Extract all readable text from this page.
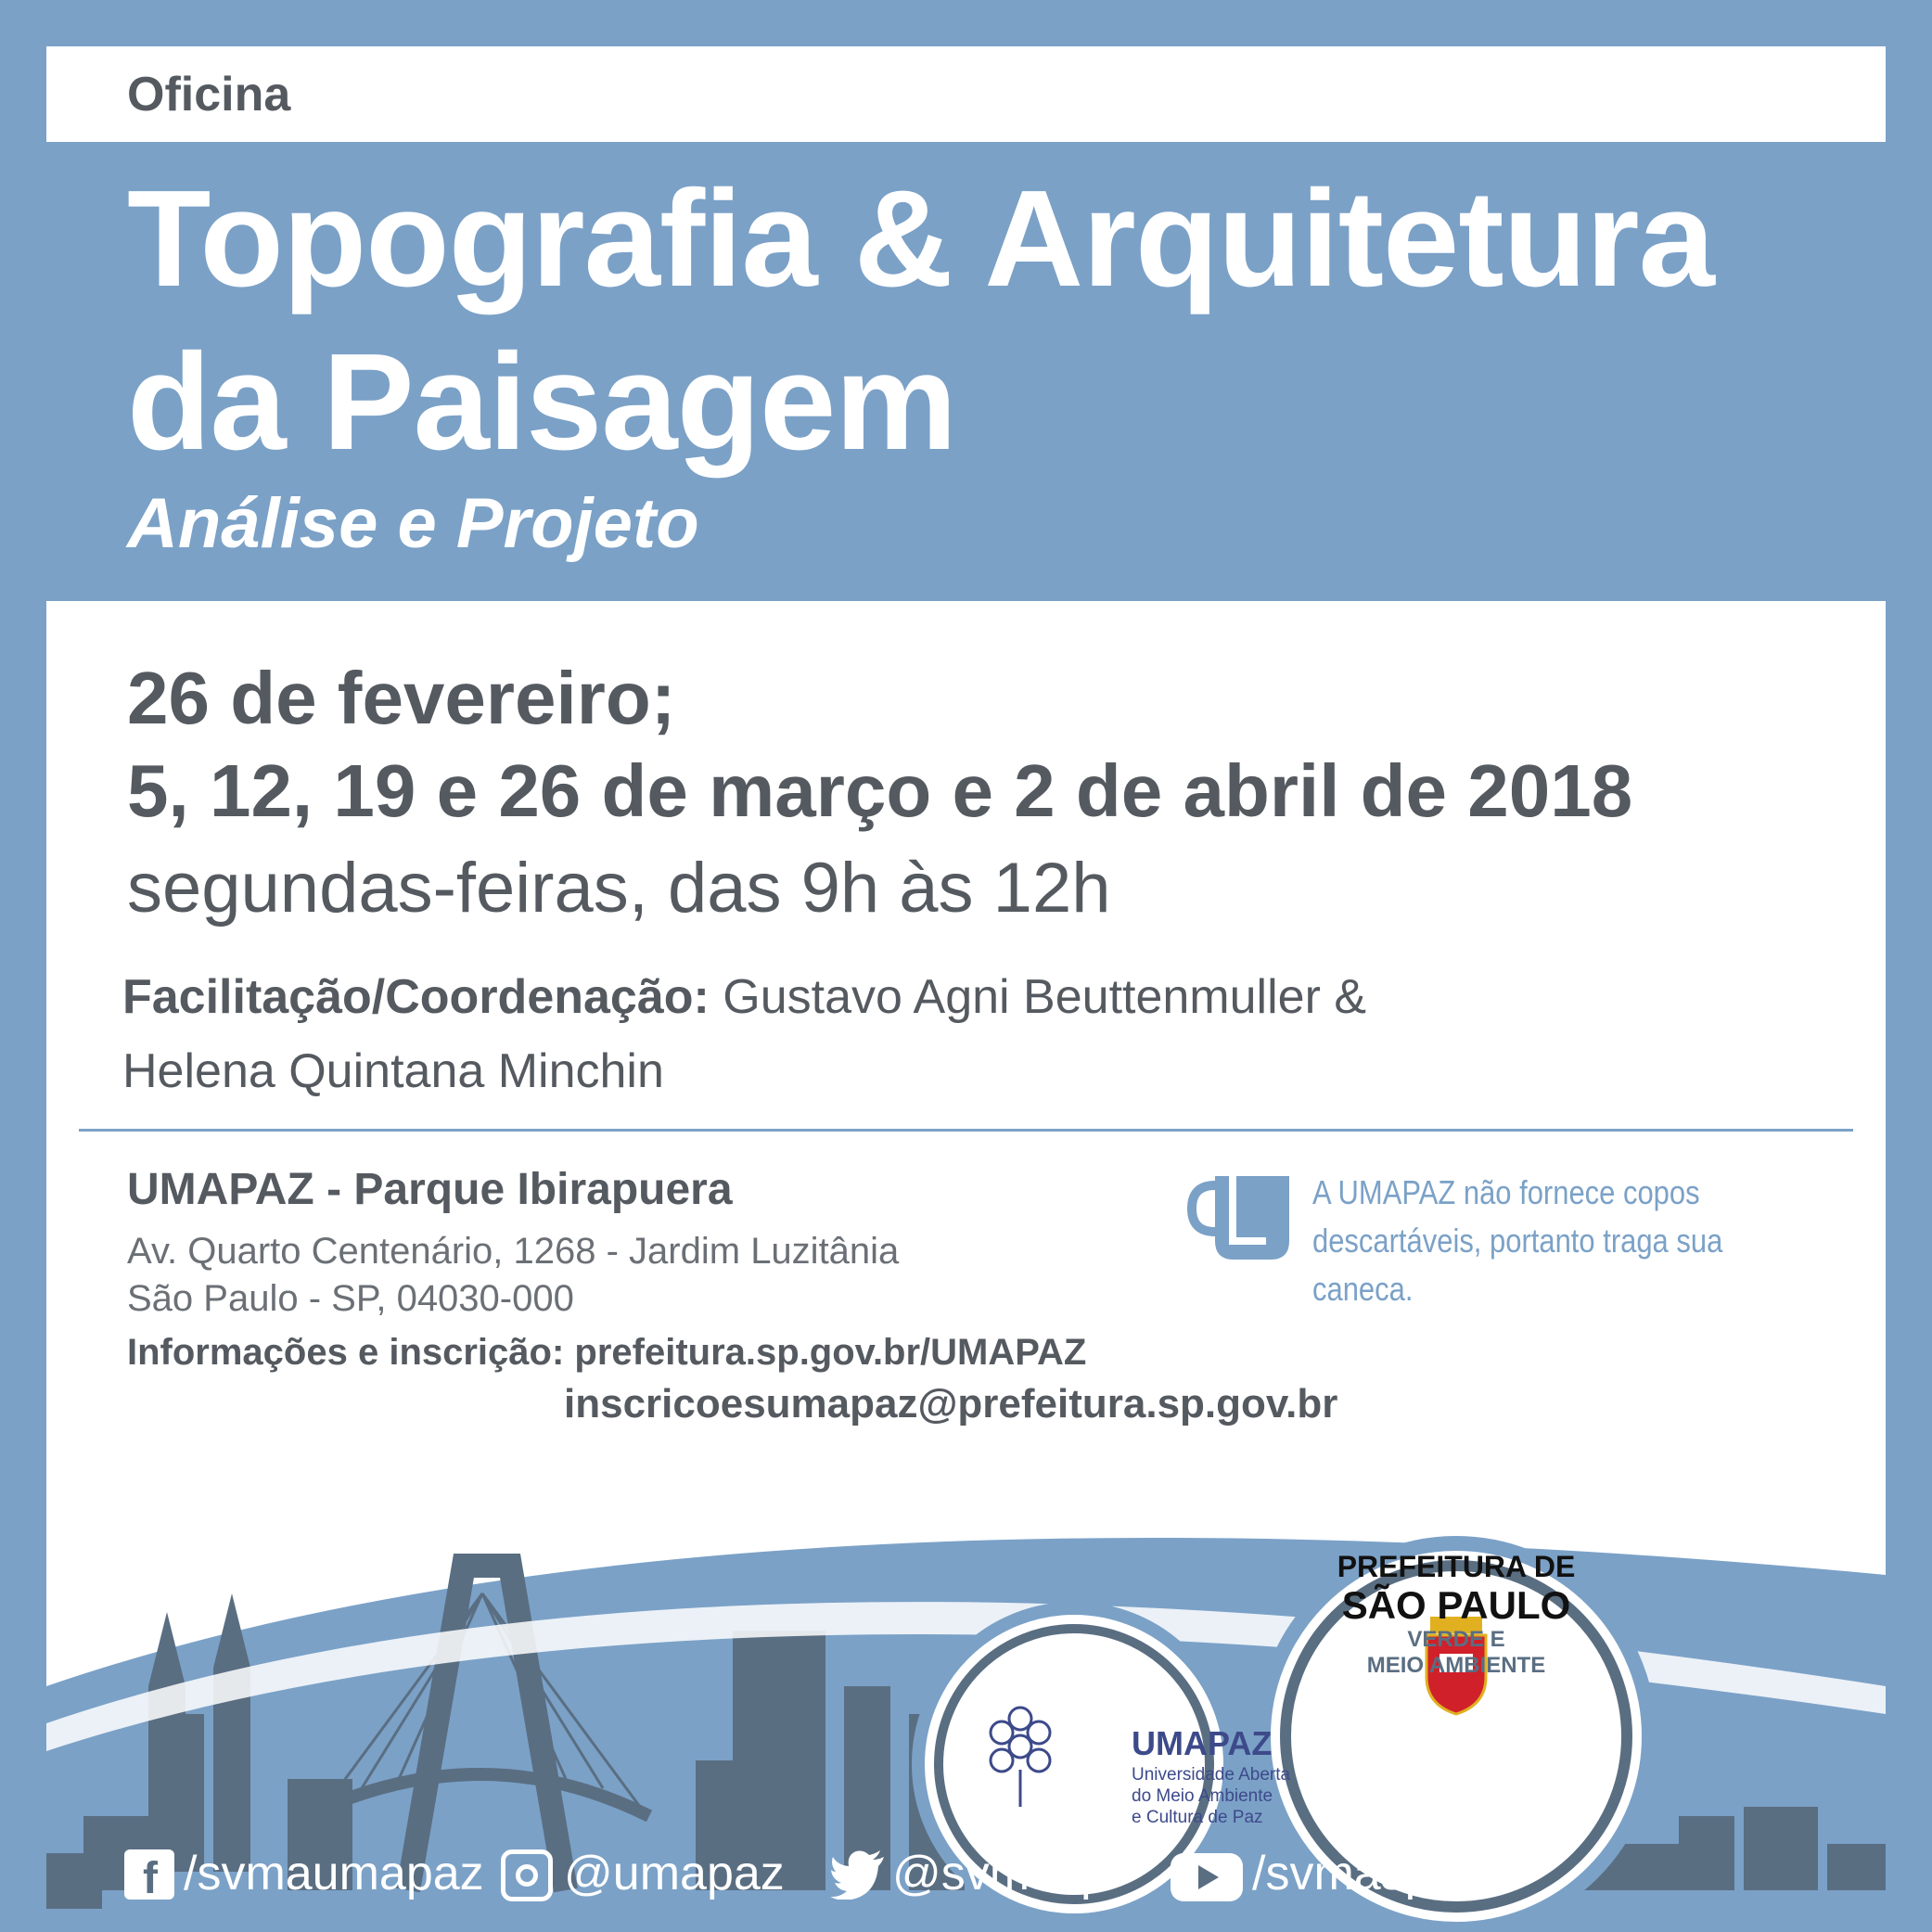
Oficina
Topografia & Arquitetura
da Paisagem
Análise e Projeto
26 de fevereiro;
5, 12, 19 e 26 de março e 2 de abril de 2018
segundas-feiras, das 9h às 12h
Facilitação/Coordenação: Gustavo Agni Beuttenmuller &
Helena Quintana Minchin
UMAPAZ - Parque Ibirapuera
Av. Quarto Centenário, 1268 - Jardim Luzitânia
São Paulo - SP, 04030-000
Informações e inscrição: prefeitura.sp.gov.br/UMAPAZ
inscricoesumapaz@prefeitura.sp.gov.br
A UMAPAZ não fornece copos
descartáveis, portanto traga sua caneca.
UMAPAZ
Universidade Aberta
do Meio Ambiente
e Cultura de Paz
PREFEITURA DE
SÃO PAULO
VERDE E
MEIO AMBIENTE
f /svmaumapaz @umapaz @svmasp	/svmasp
